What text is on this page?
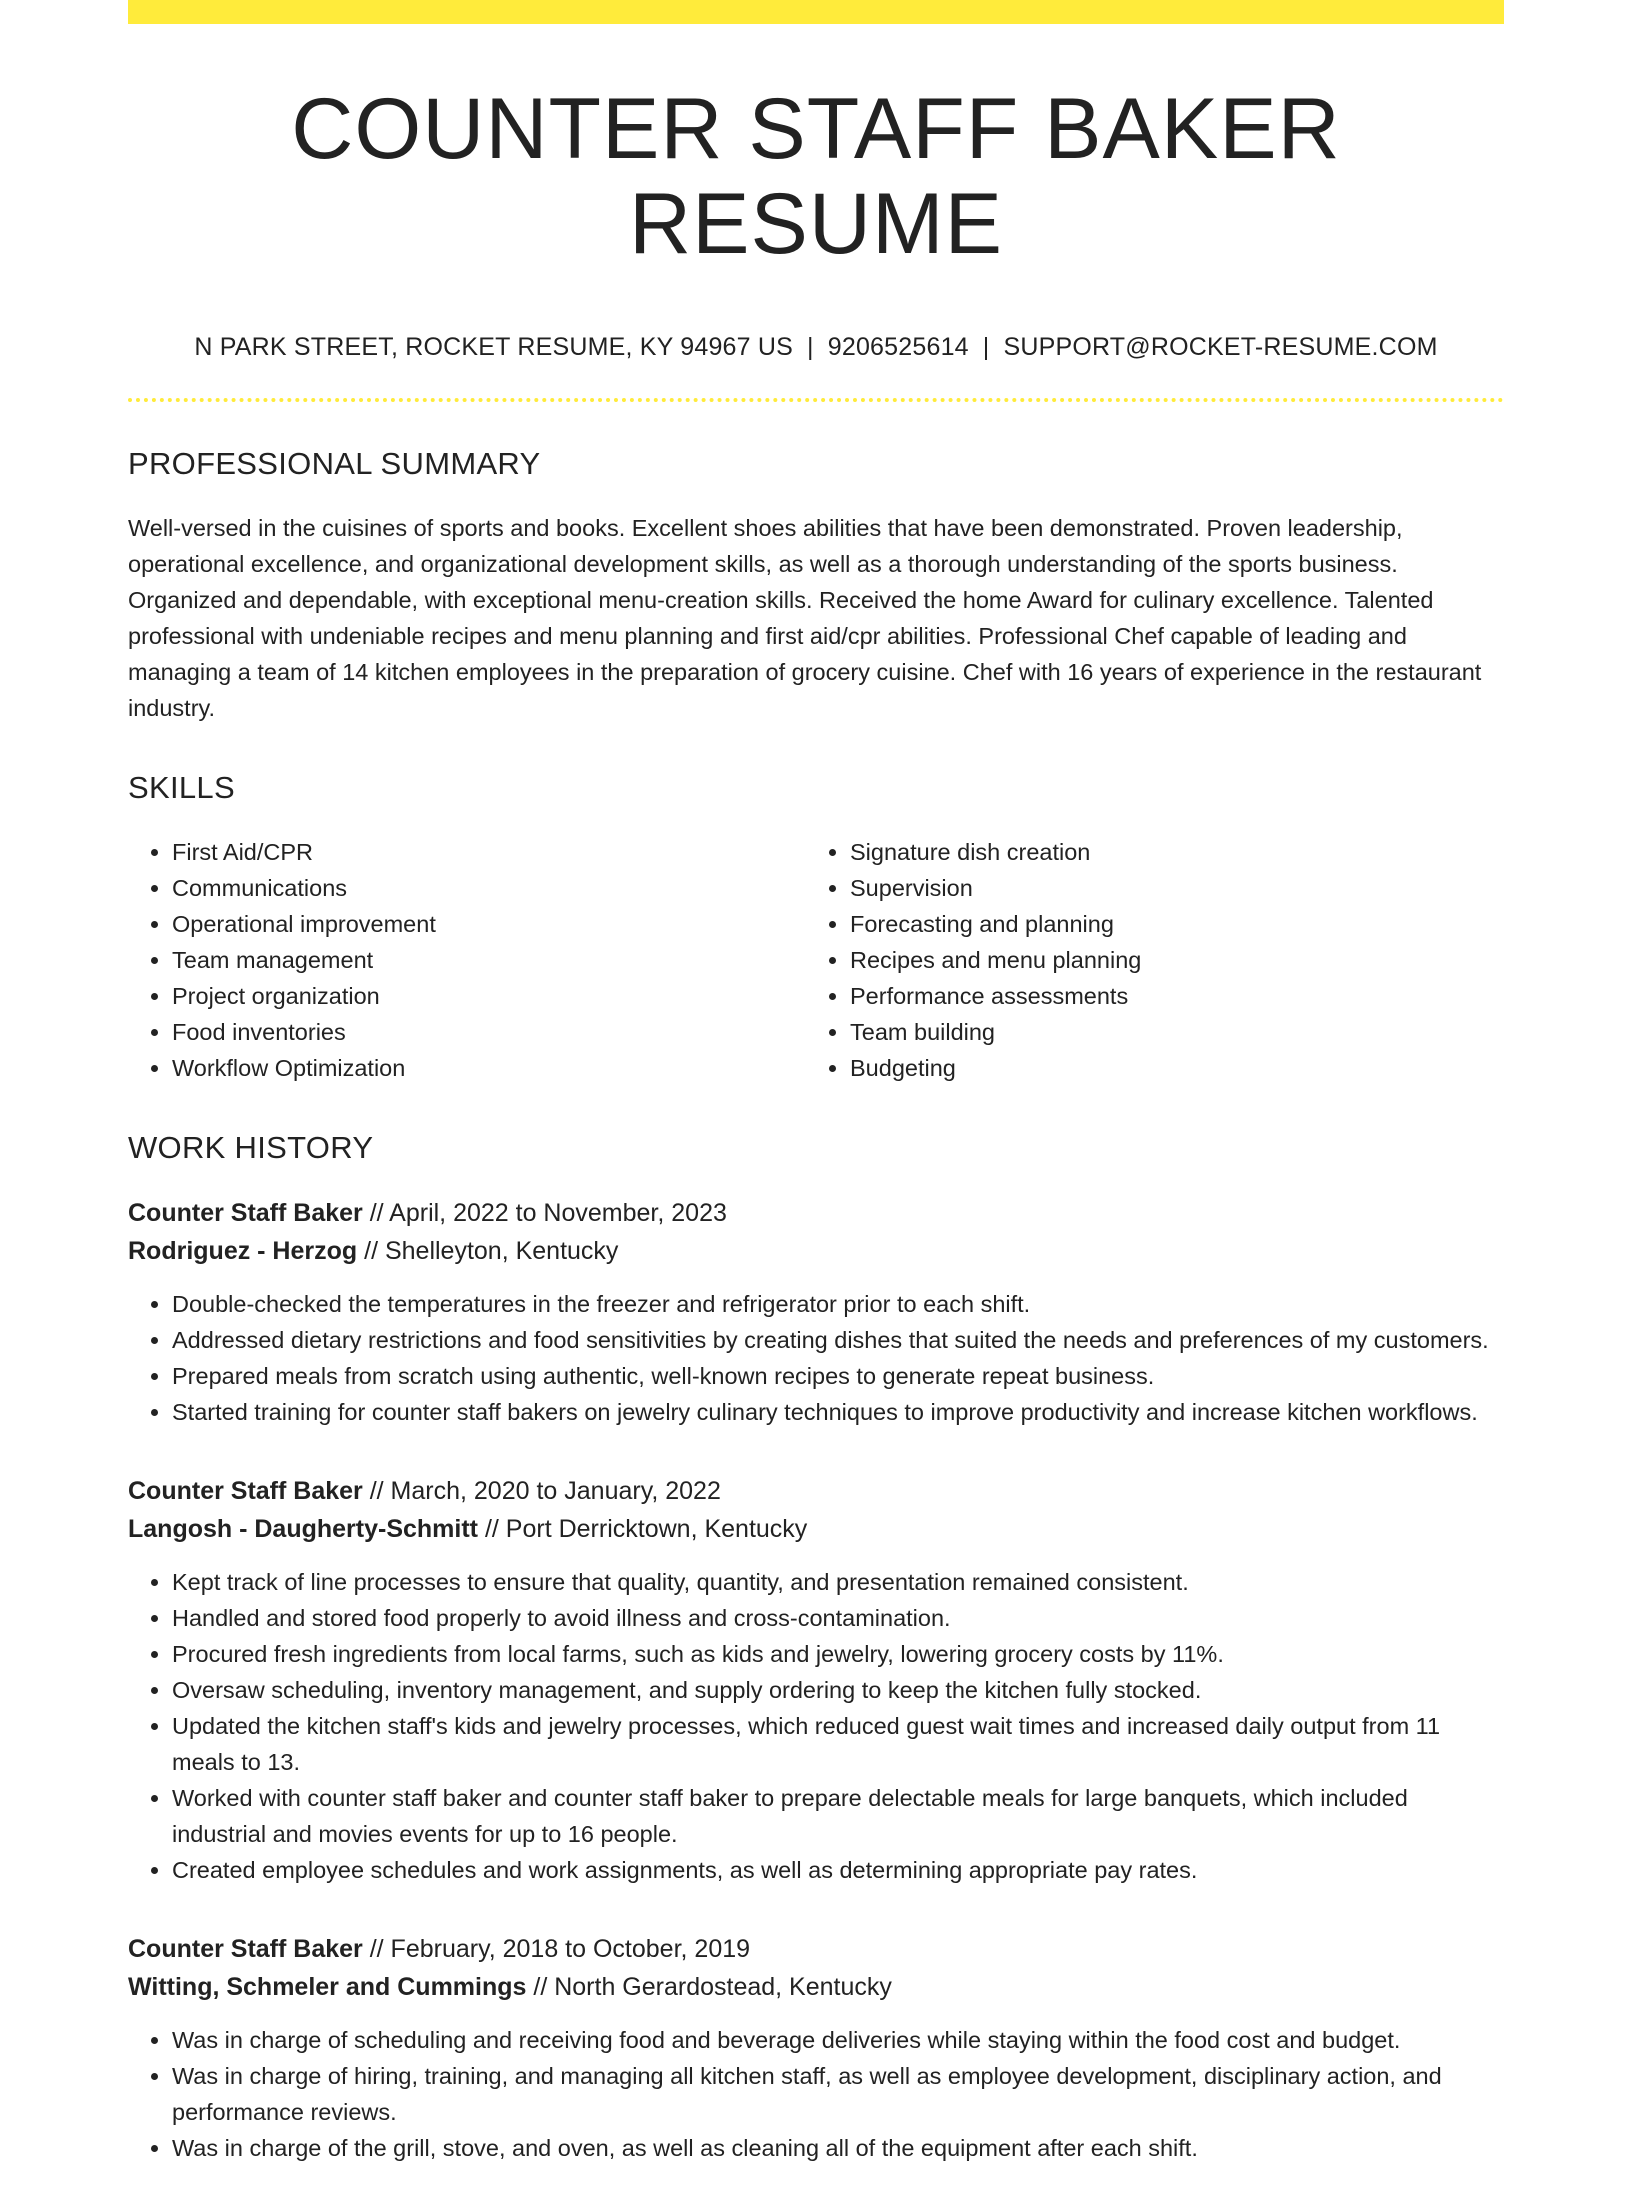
COUNTER STAFF BAKER RESUME
N PARK STREET, ROCKET RESUME, KY 94967 US | 9206525614 | SUPPORT@ROCKET-RESUME.COM
PROFESSIONAL SUMMARY

Well-versed in the cuisines of sports and books. Excellent shoes abilities that have been demonstrated. Proven leadership, operational excellence, and organizational development skills, as well as a thorough understanding of the sports business. Organized and dependable, with exceptional menu-creation skills. Received the home Award for culinary excellence. Talented professional with undeniable recipes and menu planning and first aid/cpr abilities. Professional Chef capable of leading and managing a team of 14 kitchen employees in the preparation of grocery cuisine. Chef with 16 years of experience in the restaurant industry.

SKILLS
• First Aid/CPR
• Communications
• Operational improvement
• Team management
• Project organization
• Food inventories
• Workflow Optimization
• Signature dish creation
• Supervision
• Forecasting and planning
• Recipes and menu planning
• Performance assessments
• Team building
• Budgeting
WORK HISTORY
Counter Staff Baker // April, 2022 to November, 2023
Rodriguez - Herzog // Shelleyton, Kentucky
• Double-checked the temperatures in the freezer and refrigerator prior to each shift.
• Addressed dietary restrictions and food sensitivities by creating dishes that suited the needs and preferences of my customers.
• Prepared meals from scratch using authentic, well-known recipes to generate repeat business.
• Started training for counter staff bakers on jewelry culinary techniques to improve productivity and increase kitchen workflows.
Counter Staff Baker // March, 2020 to January, 2022
Langosh - Daugherty-Schmitt // Port Derricktown, Kentucky
• Kept track of line processes to ensure that quality, quantity, and presentation remained consistent.
• Handled and stored food properly to avoid illness and cross-contamination.
• Procured fresh ingredients from local farms, such as kids and jewelry, lowering grocery costs by 11%.
• Oversaw scheduling, inventory management, and supply ordering to keep the kitchen fully stocked.
• Updated the kitchen staff's kids and jewelry processes, which reduced guest wait times and increased daily output from 11 meals to 13.
• Worked with counter staff baker and counter staff baker to prepare delectable meals for large banquets, which included industrial and movies events for up to 16 people.
• Created employee schedules and work assignments, as well as determining appropriate pay rates.
Counter Staff Baker // February, 2018 to October, 2019
Witting, Schmeler and Cummings // North Gerardostead, Kentucky
• Was in charge of scheduling and receiving food and beverage deliveries while staying within the food cost and budget.
• Was in charge of hiring, training, and managing all kitchen staff, as well as employee development, disciplinary action, and performance reviews.
• Was in charge of the grill, stove, and oven, as well as cleaning all of the equipment after each shift.
